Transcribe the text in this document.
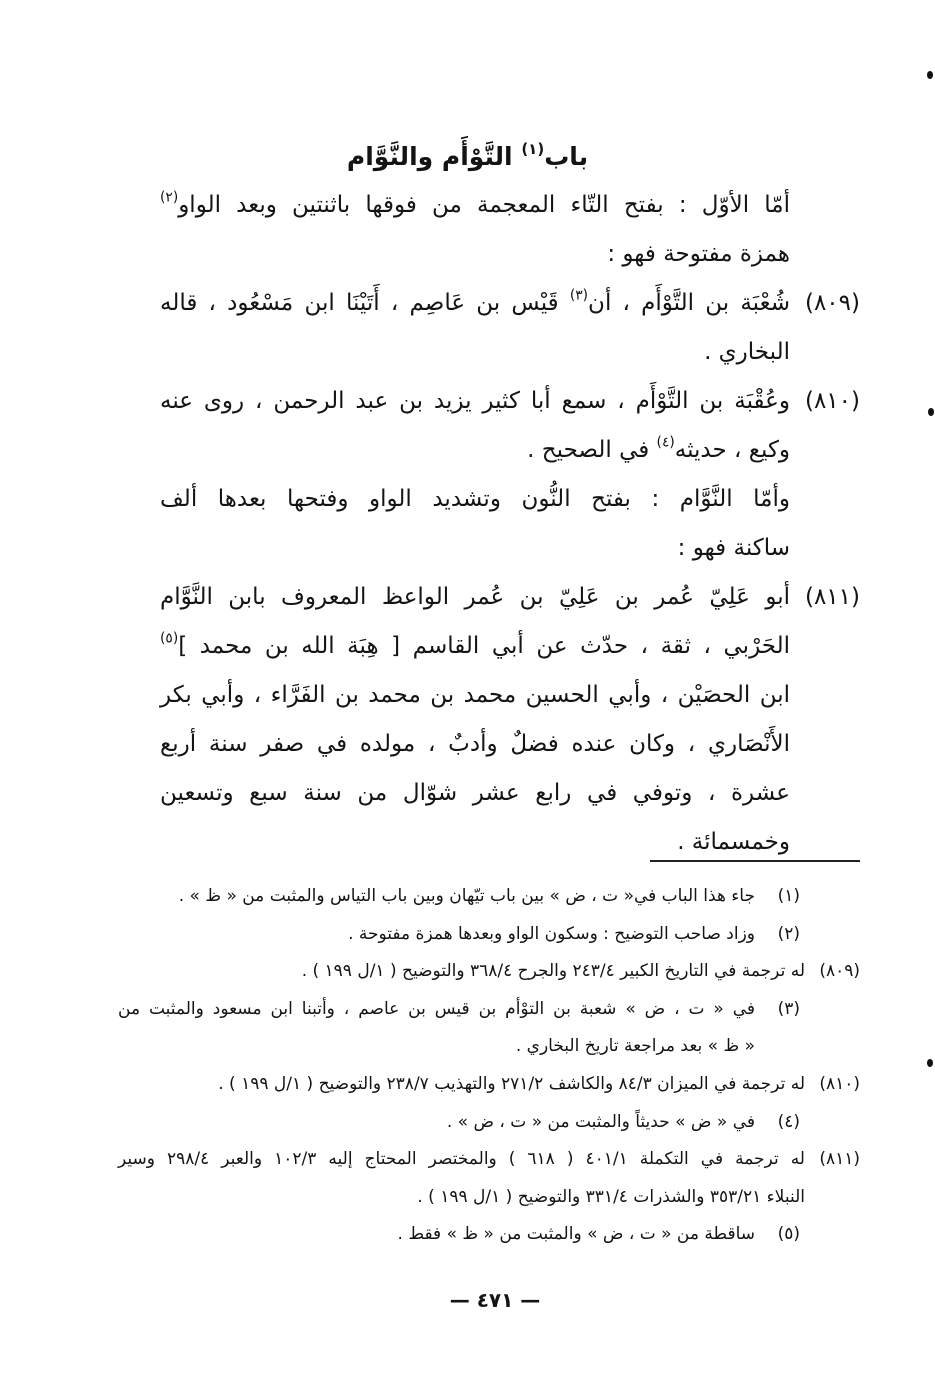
باب$^{(١)}$ التَّوْأَم والنَّوَّام
أمّا الأوّل : بفتح التّاء المعجمة من فوقها باثنتين وبعد الواو$^{(٢)}$
همزة مفتوحة فهو :
(٨٠٩)
شُعْبَة بن التَّوْأَم ، أن$^{(٣)}$ قَيْس بن عَاصِم ، أَتَيْنَا ابن مَسْعُود ، قاله
البخاري .
(٨١٠)
وعُقْبَة بن التَّوْأَم ، سمع أبا كثير يزيد بن عبد الرحمن ، روى عنه
وكيع ، حديثه$^{(٤)}$ في الصحيح .
وأمّا النَّوَّام : بفتح النُّون وتشديد الواو وفتحها بعدها ألف
ساكنة فهو :
(٨١١)
أبو عَلِيّ عُمر بن عَلِيّ بن عُمر الواعظ المعروف بابن النَّوَّام
الحَرْبي ، ثقة ، حدّث عن أبي القاسم [ هِبَة الله بن محمد ]$^{(٥)}$
ابن الحصَيْن ، وأبي الحسين محمد بن محمد بن الفَرَّاء ، وأبي بكر
الأَنْصَاري ، وكان عنده فضلٌ وأدبٌ ، مولده في صفر سنة أربع
عشرة ، وتوفي في رابع عشر شوّال من سنة سبع وتسعين
وخمسمائة .
(١)
جاء هذا الباب في« ت ، ض » بين باب تيّهان وبين باب التياس والمثبت من « ظ » .
(٢)
وزاد صاحب التوضيح : وسكون الواو وبعدها همزة مفتوحة .
(٨٠٩)
له ترجمة في التاريخ الكبير ٢٤٣/٤ والجرح ٣٦٨/٤ والتوضيح ( ١/ل ١٩٩ ) .
(٣)
في « ت ، ض » شعبة بن التوْأم بن قيس بن عاصم ، وأتبنا ابن مسعود والمثبت من
« ظ » بعد مراجعة تاريخ البخاري .
(٨١٠)
له ترجمة في الميزان ٨٤/٣ والكاشف ٢٧١/٢ والتهذيب ٢٣٨/٧ والتوضيح ( ١/ل ١٩٩ ) .
(٤)
في « ض » حديثاً والمثبت من « ت ، ض » .
(٨١١)
له ترجمة في التكملة ٤٠١/١ ( ٦١٨ ) والمختصر المحتاج إليه ١٠٢/٣ والعبر ٢٩٨/٤ وسير
النبلاء ٣٥٣/٢١ والشذرات ٣٣١/٤ والتوضيح ( ١/ل ١٩٩ ) .
(٥)
ساقطة من « ت ، ض » والمثبت من « ظ » فقط .
— ٤٧١ —
